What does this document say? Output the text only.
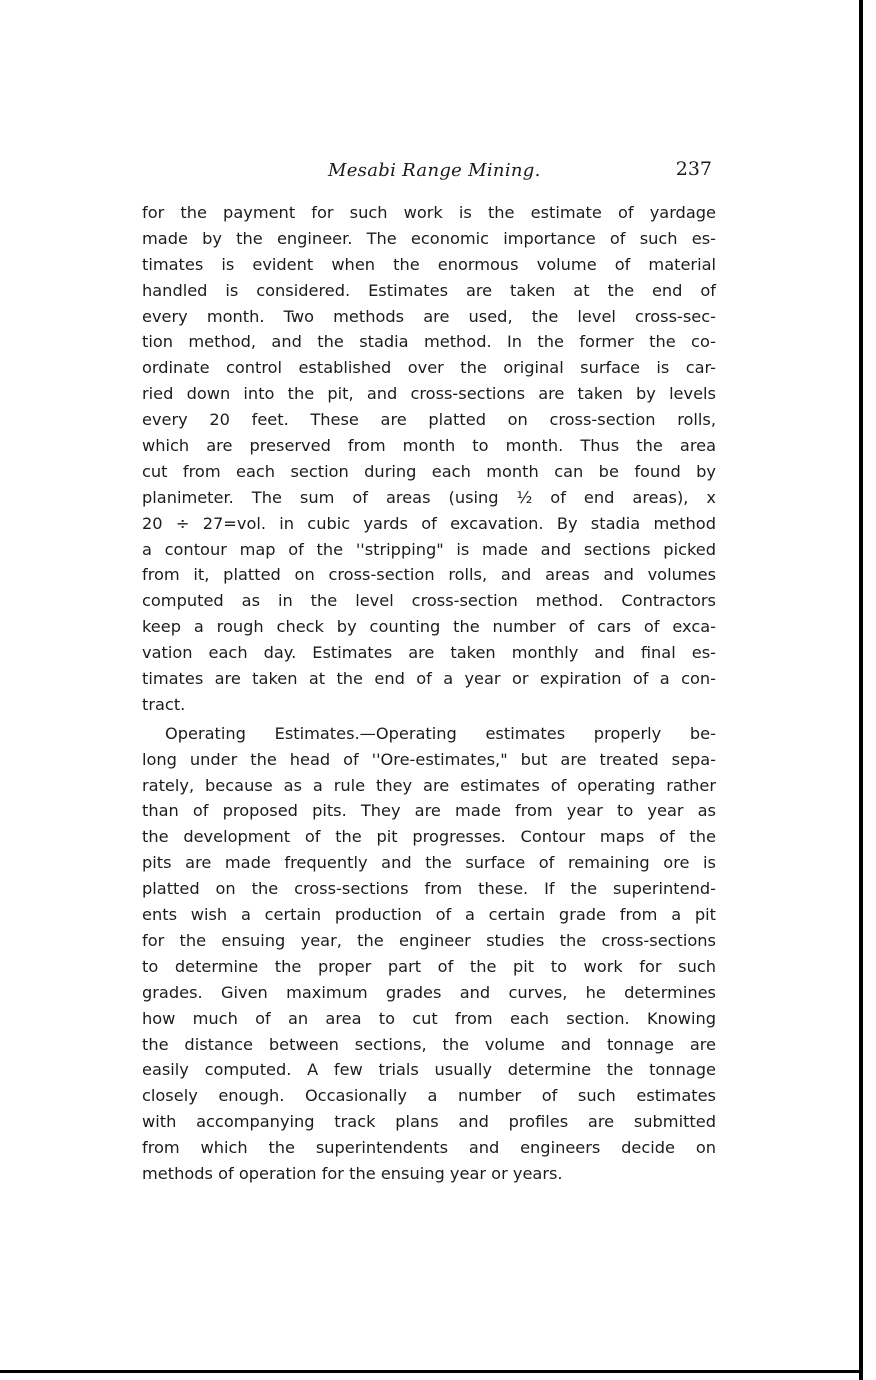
Mesabi Range Mining.	237
for the payment for such work is the estimate of yardage
made by the engineer. The economic importance of such es-
timates is evident when the enormous volume of material
handled is considered. Estimates are taken at the end of
every month. Two methods are used, the level cross-sec-
tion method, and the stadia method. In the former the co-
ordinate control established over the original surface is car-
ried down into the pit, and cross-sections are taken by levels
every 20 feet. These are platted on cross-section rolls,
which are preserved from month to month. Thus the area
cut from each section during each month can be found by
planimeter. The sum of areas (using ½ of end areas), x
20 ÷ 27=vol. in cubic yards of excavation. By stadia method
a contour map of the ''stripping" is made and sections picked
from it, platted on cross-section rolls, and areas and volumes
computed as in the level cross-section method. Contractors
keep a rough check by counting the number of cars of exca-
vation each day. Estimates are taken monthly and final es-
timates are taken at the end of a year or expiration of a con-
tract.
Operating Estimates.—Operating estimates properly be-
long under the head of ''Ore-estimates," but are treated sepa-
rately, because as a rule they are estimates of operating rather
than of proposed pits. They are made from year to year as
the development of the pit progresses. Contour maps of the
pits are made frequently and the surface of remaining ore is
platted on the cross-sections from these. If the superintend-
ents wish a certain production of a certain grade from a pit
for the ensuing year, the engineer studies the cross-sections
to determine the proper part of the pit to work for such
grades. Given maximum grades and curves, he determines
how much of an area to cut from each section. Knowing
the distance between sections, the volume and tonnage are
easily computed. A few trials usually determine the tonnage
closely enough. Occasionally a number of such estimates
with accompanying track plans and profiles are submitted
from which the superintendents and engineers decide on
methods of operation for the ensuing year or years.
